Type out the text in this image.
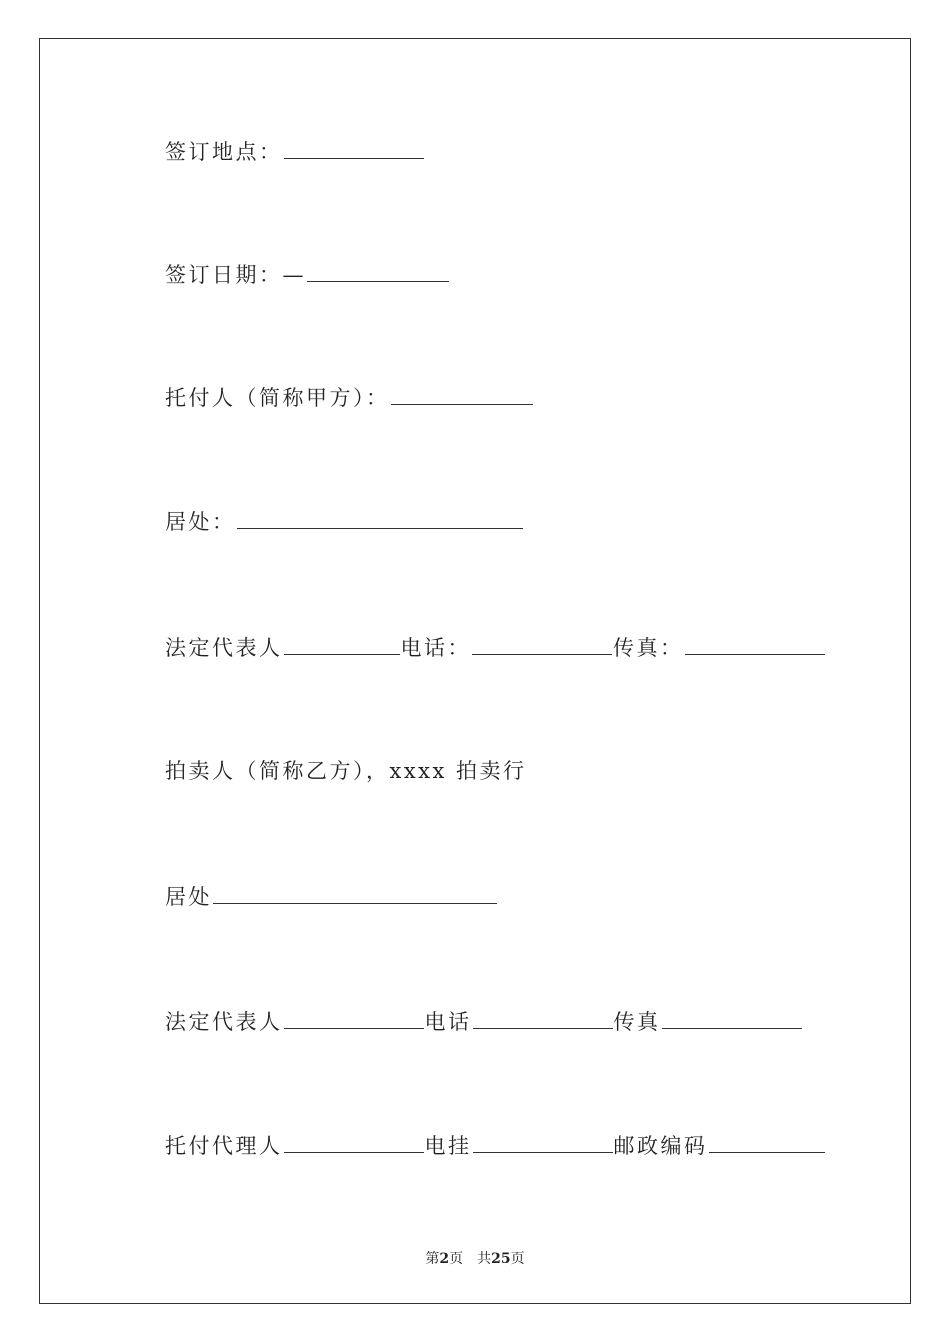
签订地点：
签订日期：—
托付人（简称甲方）：
居处：
法定代表人	电话：	传真：
拍卖人（简称乙方），xxxx 拍卖行
居处
法定代表人	电话	传真
托付代理人	电挂	邮政编码
第2页 共25页
